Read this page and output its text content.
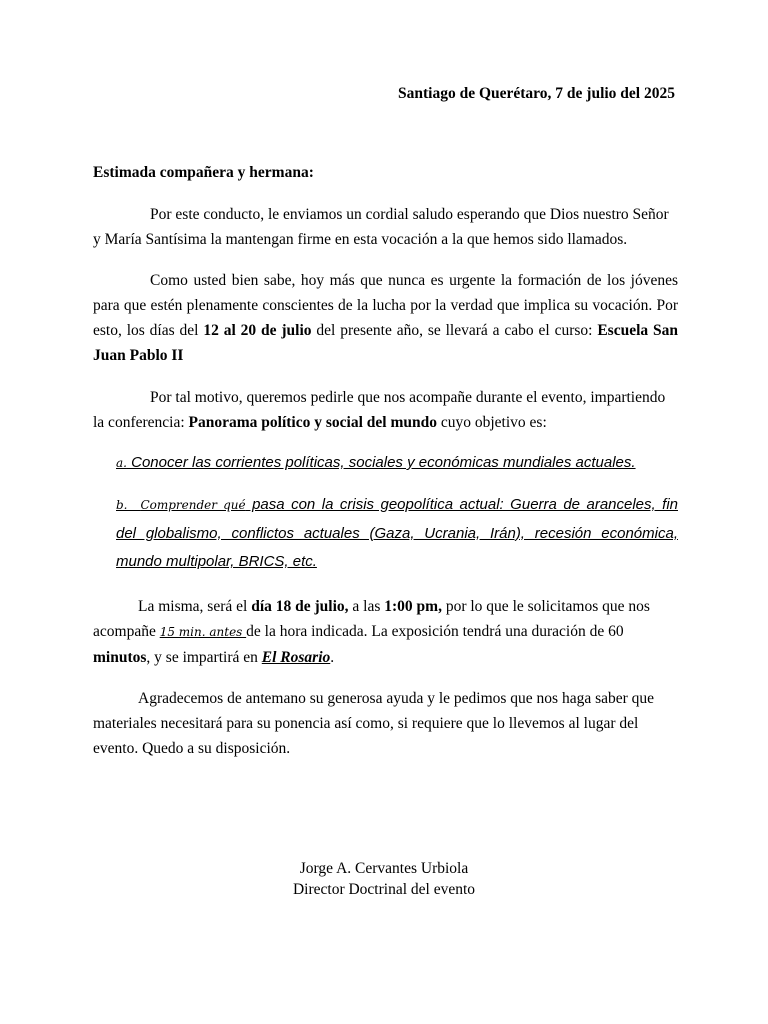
Santiago de Querétaro, 7 de julio del 2025
Estimada compañera y hermana:
Por este conducto, le enviamos un cordial saludo esperando que Dios nuestro Señor
y María Santísima la mantengan firme en esta vocación a la que hemos sido llamados.
Como usted bien sabe, hoy más que nunca es urgente la formación de los jóvenes
para que estén plenamente conscientes de la lucha por la verdad que implica su vocación. Por
esto, los días del 12 al 20 de julio del presente año, se llevará a cabo el curso: Escuela San
Juan Pablo II
Por tal motivo, queremos pedirle que nos acompañe durante el evento, impartiendo
la conferencia: Panorama político y social del mundo cuyo objetivo es:
a. Conocer las corrientes políticas, sociales y económicas mundiales actuales.
b. Comprender qué pasa con la crisis geopolítica actual: Guerra de aranceles, fin
del globalismo, conflictos actuales (Gaza, Ucrania, Irán), recesión económica,
mundo multipolar, BRICS, etc.
La misma, será el día 18 de julio, a las 1:00 pm, por lo que le solicitamos que nos
acompañe 15 min. antes de la hora indicada. La exposición tendrá una duración de 60
minutos, y se impartirá en El Rosario.
Agradecemos de antemano su generosa ayuda y le pedimos que nos haga saber que
materiales necesitará para su ponencia así como, si requiere que lo llevemos al lugar del
evento. Quedo a su disposición.
Jorge A. Cervantes Urbiola
Director Doctrinal del evento
